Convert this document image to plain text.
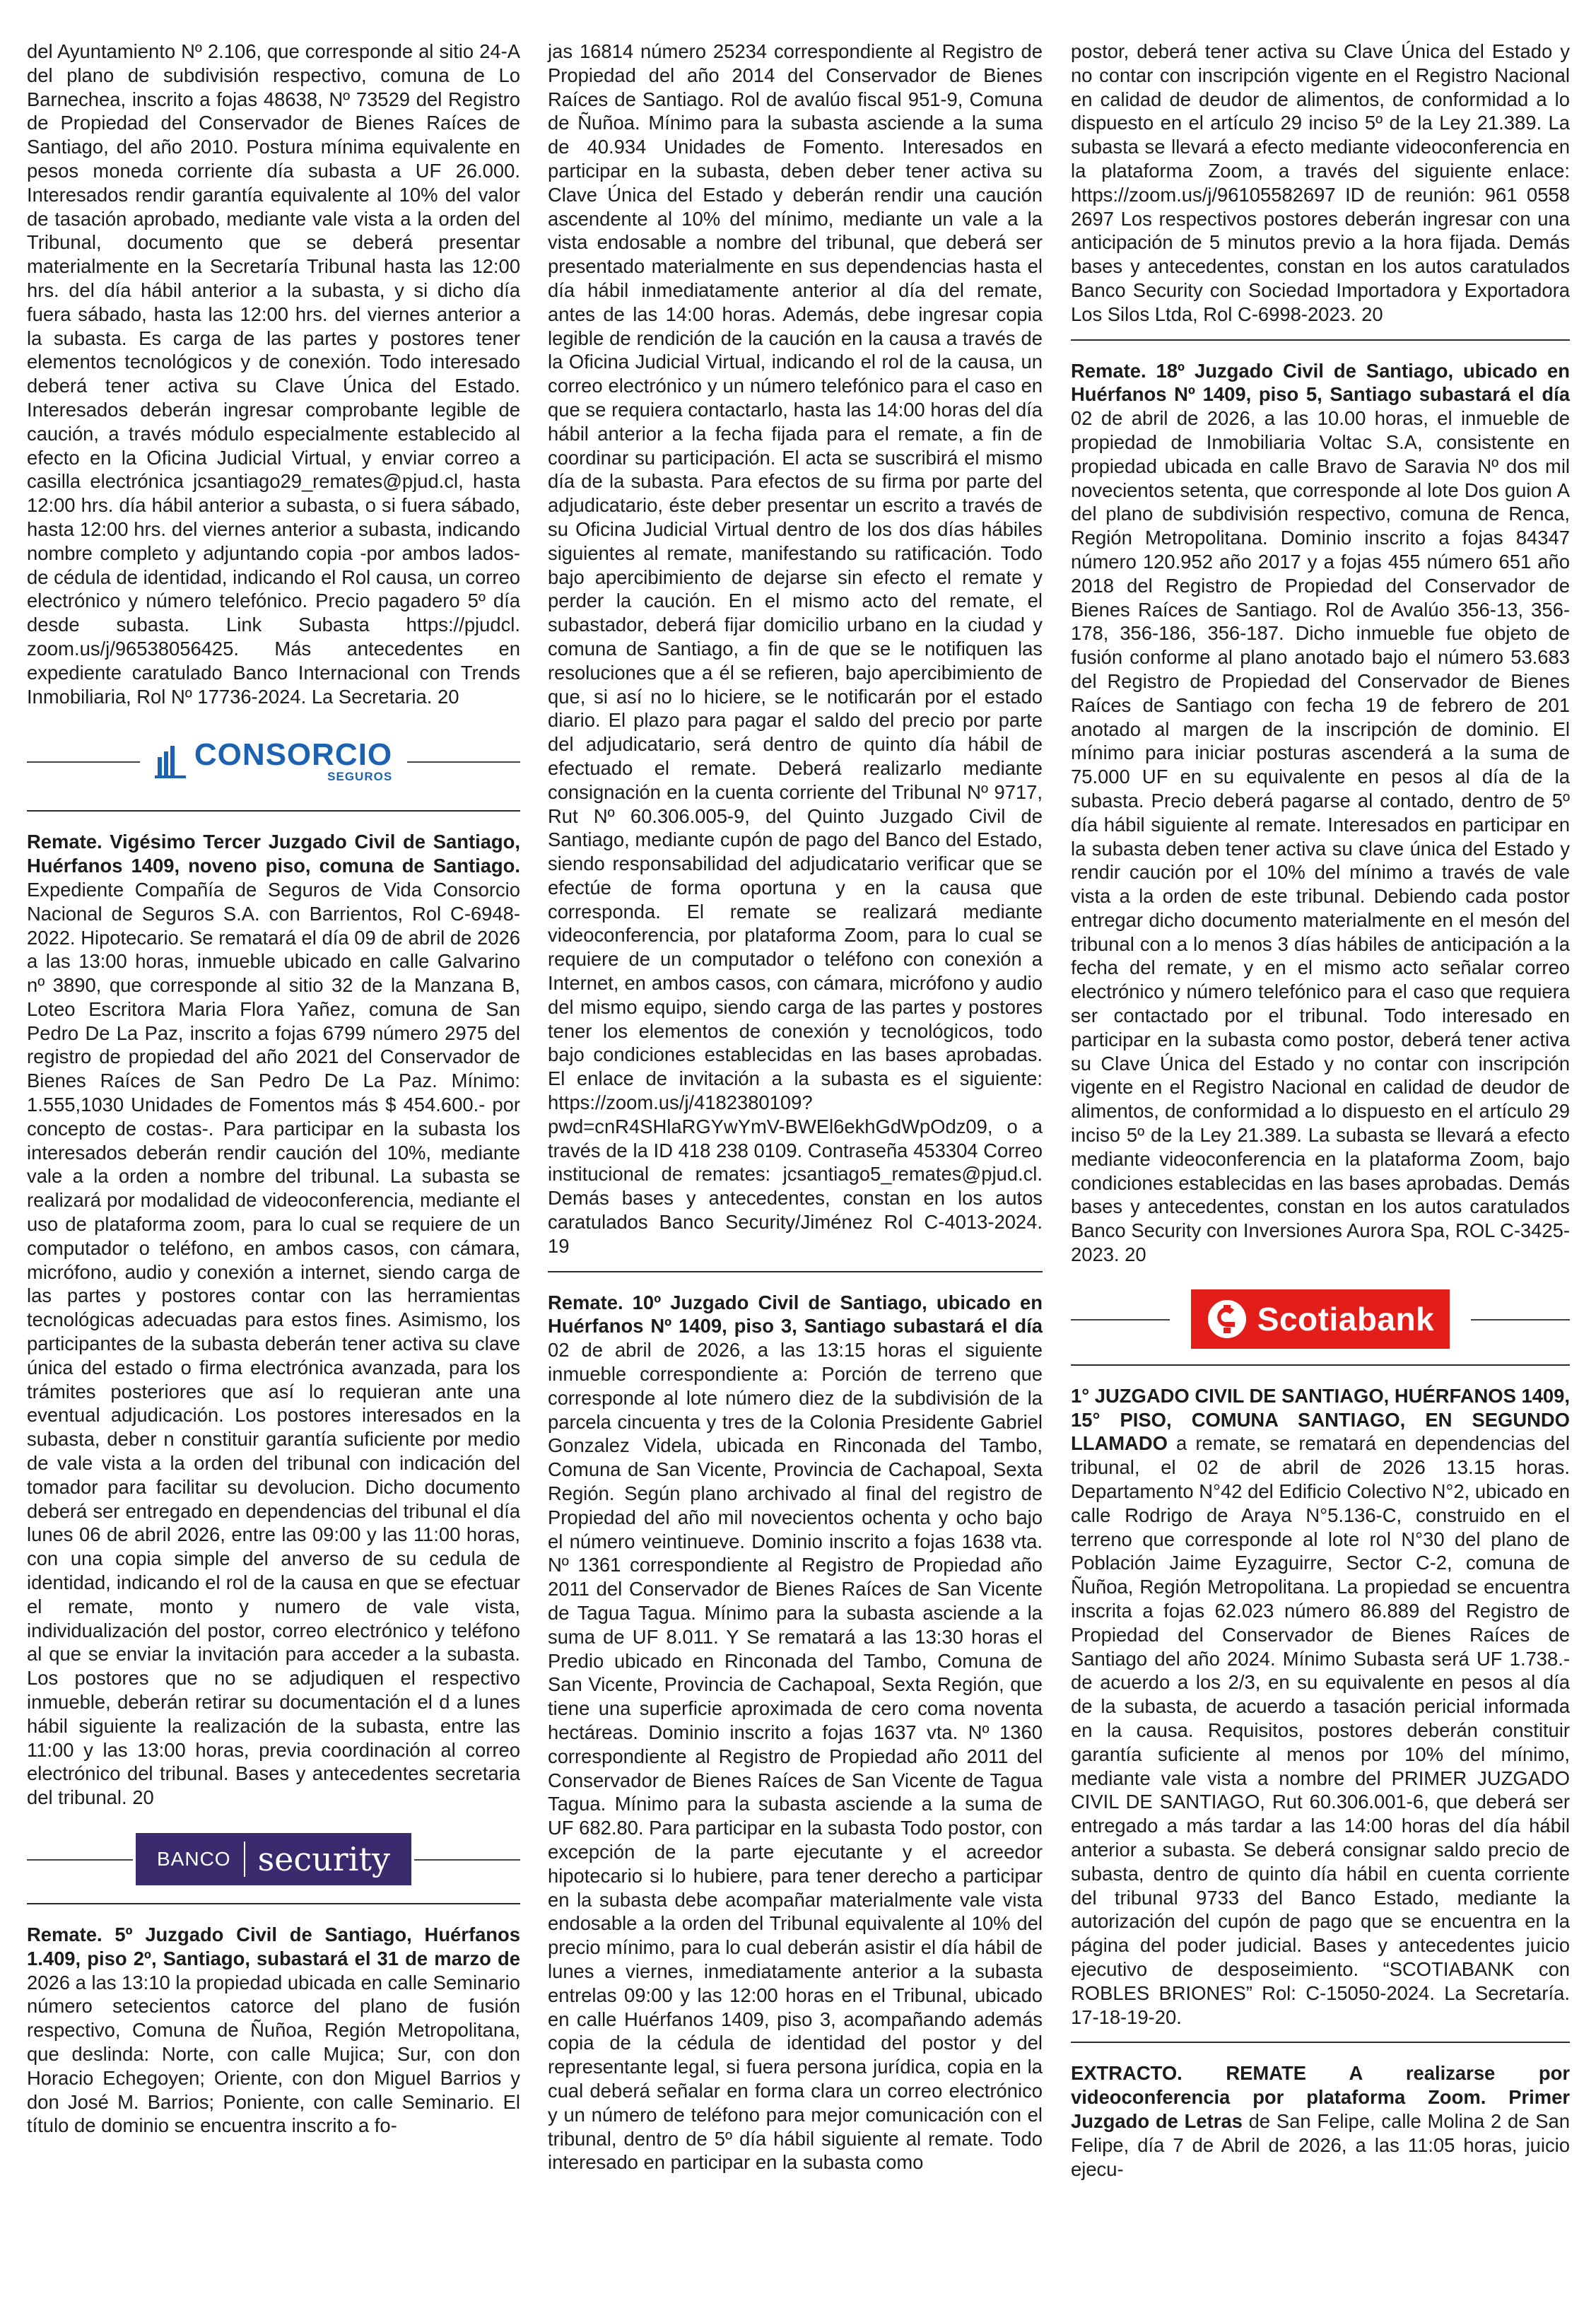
del Ayuntamiento Nº 2.106, que corresponde al sitio 24-A del plano de subdivisión respectivo, comuna de Lo Barnechea, inscrito a fojas 48638, Nº 73529 del Registro de Propiedad del Conservador de Bienes Raíces de Santiago, del año 2010. Postura mínima equivalente en pesos moneda corriente día subasta a UF 26.000. Interesados rendir garantía equivalente al 10% del valor de tasación aprobado, mediante vale vista a la orden del Tribunal, documento que se deberá presentar materialmente en la Secretaría Tribunal hasta las 12:00 hrs. del día hábil anterior a la subasta, y si dicho día fuera sábado, hasta las 12:00 hrs. del viernes anterior a la subasta. Es carga de las partes y postores tener elementos tecnológicos y de conexión. Todo interesado deberá tener activa su Clave Única del Estado. Interesados deberán ingresar comprobante legible de caución, a través módulo especialmente establecido al efecto en la Oficina Judicial Virtual, y enviar correo a casilla electrónica jcsantiago29_remates@pjud.cl, hasta 12:00 hrs. día hábil anterior a subasta, o si fuera sábado, hasta 12:00 hrs. del viernes anterior a subasta, indicando nombre completo y adjuntando copia -por ambos lados- de cédula de identidad, indicando el Rol causa, un correo electrónico y número telefónico. Precio pagadero 5º día desde subasta. Link Subasta https://pjudcl. zoom.us/j/96538056425. Más antecedentes en expediente caratulado Banco Internacional con Trends Inmobiliaria, Rol Nº 17736-2024. La Secretaria. 20

CONSORCIO
SEGUROS

Remate. Vigésimo Tercer Juzgado Civil de Santiago, Huérfanos 1409, noveno piso, comuna de Santiago. Expediente Compañía de Seguros de Vida Consorcio Nacional de Seguros S.A. con Barrientos, Rol C-6948-2022. Hipotecario. Se rematará el día 09 de abril de 2026 a las 13:00 horas, inmueble ubicado en calle Galvarino nº 3890, que corresponde al sitio 32 de la Manzana B, Loteo Escritora Maria Flora Yañez, comuna de San Pedro De La Paz, inscrito a fojas 6799 número 2975 del registro de propiedad del año 2021 del Conservador de Bienes Raíces de San Pedro De La Paz. Mínimo: 1.555,1030 Unidades de Fomentos más $ 454.600.- por concepto de costas-. Para participar en la subasta los interesados deberán rendir caución del 10%, mediante vale a la orden a nombre del tribunal. La subasta se realizará por modalidad de videoconferencia, mediante el uso de plataforma zoom, para lo cual se requiere de un computador o teléfono, en ambos casos, con cámara, micrófono, audio y conexión a internet, siendo carga de las partes y postores contar con las herramientas tecnológicas adecuadas para estos fines. Asimismo, los participantes de la subasta deberán tener activa su clave única del estado o firma electrónica avanzada, para los trámites posteriores que así lo requieran ante una eventual adjudicación. Los postores interesados en la subasta, deber n constituir garantía suficiente por medio de vale vista a la orden del tribunal con indicación del tomador para facilitar su devolucion. Dicho documento deberá ser entregado en dependencias del tribunal el día lunes 06 de abril 2026, entre las 09:00 y las 11:00 horas, con una copia simple del anverso de su cedula de identidad, indicando el rol de la causa en que se efectuar el remate, monto y numero de vale vista, individualización del postor, correo electrónico y teléfono al que se enviar la invitación para acceder a la subasta. Los postores que no se adjudiquen el respectivo inmueble, deberán retirar su documentación el d a lunes hábil siguiente la realización de la subasta, entre las 11:00 y las 13:00 horas, previa coordinación al correo electrónico del tribunal. Bases y antecedentes secretaria del tribunal. 20

BANCO security

Remate. 5º Juzgado Civil de Santiago, Huérfanos 1.409, piso 2º, Santiago, subastará el 31 de marzo de 2026 a las 13:10 la propiedad ubicada en calle Seminario número setecientos catorce del plano de fusión respectivo, Comuna de Ñuñoa, Región Metropolitana, que deslinda: Norte, con calle Mujica; Sur, con don Horacio Echegoyen; Oriente, con don Miguel Barrios y don José M. Barrios; Poniente, con calle Seminario. El título de dominio se encuentra inscrito a fo-

jas 16814 número 25234 correspondiente al Registro de Propiedad del año 2014 del Conservador de Bienes Raíces de Santiago. Rol de avalúo fiscal 951-9, Comuna de Ñuñoa. Mínimo para la subasta asciende a la suma de 40.934 Unidades de Fomento. Interesados en participar en la subasta, deben deber tener activa su Clave Única del Estado y deberán rendir una caución ascendente al 10% del mínimo, mediante un vale a la vista endosable a nombre del tribunal, que deberá ser presentado materialmente en sus dependencias hasta el día hábil inmediatamente anterior al día del remate, antes de las 14:00 horas. Además, debe ingresar copia legible de rendición de la caución en la causa a través de la Oficina Judicial Virtual, indicando el rol de la causa, un correo electrónico y un número telefónico para el caso en que se requiera contactarlo, hasta las 14:00 horas del día hábil anterior a la fecha fijada para el remate, a fin de coordinar su participación. El acta se suscribirá el mismo día de la subasta. Para efectos de su firma por parte del adjudicatario, éste deber presentar un escrito a través de su Oficina Judicial Virtual dentro de los dos días hábiles siguientes al remate, manifestando su ratificación. Todo bajo apercibimiento de dejarse sin efecto el remate y perder la caución. En el mismo acto del remate, el subastador, deberá fijar domicilio urbano en la ciudad y comuna de Santiago, a fin de que se le notifiquen las resoluciones que a él se refieren, bajo apercibimiento de que, si así no lo hiciere, se le notificarán por el estado diario. El plazo para pagar el saldo del precio por parte del adjudicatario, será dentro de quinto día hábil de efectuado el remate. Deberá realizarlo mediante consignación en la cuenta corriente del Tribunal Nº 9717, Rut Nº 60.306.005-9, del Quinto Juzgado Civil de Santiago, mediante cupón de pago del Banco del Estado, siendo responsabilidad del adjudicatario verificar que se efectúe de forma oportuna y en la causa que corresponda. El remate se realizará mediante videoconferencia, por plataforma Zoom, para lo cual se requiere de un computador o teléfono con conexión a Internet, en ambos casos, con cámara, micrófono y audio del mismo equipo, siendo carga de las partes y postores tener los elementos de conexión y tecnológicos, todo bajo condiciones establecidas en las bases aprobadas. El enlace de invitación a la subasta es el siguiente: https://zoom.us/j/4182380109? pwd=cnR4SHlaRGYwYmV-BWEl6ekhGdWpOdz09, o a través de la ID 418 238 0109. Contraseña 453304 Correo institucional de remates: jcsantiago5_remates@pjud.cl. Demás bases y antecedentes, constan en los autos caratulados Banco Security/Jiménez Rol C-4013-2024. 19

Remate. 10º Juzgado Civil de Santiago, ubicado en Huérfanos Nº 1409, piso 3, Santiago subastará el día 02 de abril de 2026, a las 13:15 horas el siguiente inmueble correspondiente a: Porción de terreno que corresponde al lote número diez de la subdivisión de la parcela cincuenta y tres de la Colonia Presidente Gabriel Gonzalez Videla, ubicada en Rinconada del Tambo, Comuna de San Vicente, Provincia de Cachapoal, Sexta Región. Según plano archivado al final del registro de Propiedad del año mil novecientos ochenta y ocho bajo el número veintinueve. Dominio inscrito a fojas 1638 vta. Nº 1361 correspondiente al Registro de Propiedad año 2011 del Conservador de Bienes Raíces de San Vicente de Tagua Tagua. Mínimo para la subasta asciende a la suma de UF 8.011. Y Se rematará a las 13:30 horas el Predio ubicado en Rinconada del Tambo, Comuna de San Vicente, Provincia de Cachapoal, Sexta Región, que tiene una superficie aproximada de cero coma noventa hectáreas. Dominio inscrito a fojas 1637 vta. Nº 1360 correspondiente al Registro de Propiedad año 2011 del Conservador de Bienes Raíces de San Vicente de Tagua Tagua. Mínimo para la subasta asciende a la suma de UF 682.80. Para participar en la subasta Todo postor, con excepción de la parte ejecutante y el acreedor hipotecario si lo hubiere, para tener derecho a participar en la subasta debe acompañar materialmente vale vista endosable a la orden del Tribunal equivalente al 10% del precio mínimo, para lo cual deberán asistir el día hábil de lunes a viernes, inmediatamente anterior a la subasta entrelas 09:00 y las 12:00 horas en el Tribunal, ubicado en calle Huérfanos 1409, piso 3, acompañando además copia de la cédula de identidad del postor y del representante legal, si fuera persona jurídica, copia en la cual deberá señalar en forma clara un correo electrónico y un número de teléfono para mejor comunicación con el tribunal, dentro de 5º día hábil siguiente al remate. Todo interesado en participar en la subasta como

postor, deberá tener activa su Clave Única del Estado y no contar con inscripción vigente en el Registro Nacional en calidad de deudor de alimentos, de conformidad a lo dispuesto en el artículo 29 inciso 5º de la Ley 21.389. La subasta se llevará a efecto mediante videoconferencia en la plataforma Zoom, a través del siguiente enlace: https://zoom.us/j/96105582697 ID de reunión: 961 0558 2697 Los respectivos postores deberán ingresar con una anticipación de 5 minutos previo a la hora fijada. Demás bases y antecedentes, constan en los autos caratulados Banco Security con Sociedad Importadora y Exportadora Los Silos Ltda, Rol C-6998-2023. 20

Remate. 18º Juzgado Civil de Santiago, ubicado en Huérfanos Nº 1409, piso 5, Santiago subastará el día 02 de abril de 2026, a las 10.00 horas, el inmueble de propiedad de Inmobiliaria Voltac S.A, consistente en propiedad ubicada en calle Bravo de Saravia Nº dos mil novecientos setenta, que corresponde al lote Dos guion A del plano de subdivisión respectivo, comuna de Renca, Región Metropolitana. Dominio inscrito a fojas 84347 número 120.952 año 2017 y a fojas 455 número 651 año 2018 del Registro de Propiedad del Conservador de Bienes Raíces de Santiago. Rol de Avalúo 356-13, 356-178, 356-186, 356-187. Dicho inmueble fue objeto de fusión conforme al plano anotado bajo el número 53.683 del Registro de Propiedad del Conservador de Bienes Raíces de Santiago con fecha 19 de febrero de 201 anotado al margen de la inscripción de dominio. El mínimo para iniciar posturas ascenderá a la suma de 75.000 UF en su equivalente en pesos al día de la subasta. Precio deberá pagarse al contado, dentro de 5º día hábil siguiente al remate. Interesados en participar en la subasta deben tener activa su clave única del Estado y rendir caución por el 10% del mínimo a través de vale vista a la orden de este tribunal. Debiendo cada postor entregar dicho documento materialmente en el mesón del tribunal con a lo menos 3 días hábiles de anticipación a la fecha del remate, y en el mismo acto señalar correo electrónico y número telefónico para el caso que requiera ser contactado por el tribunal. Todo interesado en participar en la subasta como postor, deberá tener activa su Clave Única del Estado y no contar con inscripción vigente en el Registro Nacional en calidad de deudor de alimentos, de conformidad a lo dispuesto en el artículo 29 inciso 5º de la Ley 21.389. La subasta se llevará a efecto mediante videoconferencia en la plataforma Zoom, bajo condiciones establecidas en las bases aprobadas. Demás bases y antecedentes, constan en los autos caratulados Banco Security con Inversiones Aurora Spa, ROL C-3425-2023. 20

Scotiabank

1° JUZGADO CIVIL DE SANTIAGO, HUÉRFANOS 1409, 15° PISO, COMUNA SANTIAGO, EN SEGUNDO LLAMADO a remate, se rematará en dependencias del tribunal, el 02 de abril de 2026 13.15 horas. Departamento N°42 del Edificio Colectivo N°2, ubicado en calle Rodrigo de Araya N°5.136-C, construido en el terreno que corresponde al lote rol N°30 del plano de Población Jaime Eyzaguirre, Sector C-2, comuna de Ñuñoa, Región Metropolitana. La propiedad se encuentra inscrita a fojas 62.023 número 86.889 del Registro de Propiedad del Conservador de Bienes Raíces de Santiago del año 2024. Mínimo Subasta será UF 1.738.- de acuerdo a los 2/3, en su equivalente en pesos al día de la subasta, de acuerdo a tasación pericial informada en la causa. Requisitos, postores deberán constituir garantía suficiente al menos por 10% del mínimo, mediante vale vista a nombre del PRIMER JUZGADO CIVIL DE SANTIAGO, Rut 60.306.001-6, que deberá ser entregado a más tardar a las 14:00 horas del día hábil anterior a subasta. Se deberá consignar saldo precio de subasta, dentro de quinto día hábil en cuenta corriente del tribunal 9733 del Banco Estado, mediante la autorización del cupón de pago que se encuentra en la página del poder judicial. Bases y antecedentes juicio ejecutivo de desposeimiento. “SCOTIABANK con ROBLES BRIONES” Rol: C-15050-2024. La Secretaría. 17-18-19-20.

EXTRACTO. REMATE A realizarse por videoconferencia por plataforma Zoom. Primer Juzgado de Letras de San Felipe, calle Molina 2 de San Felipe, día 7 de Abril de 2026, a las 11:05 horas, juicio ejecu-
